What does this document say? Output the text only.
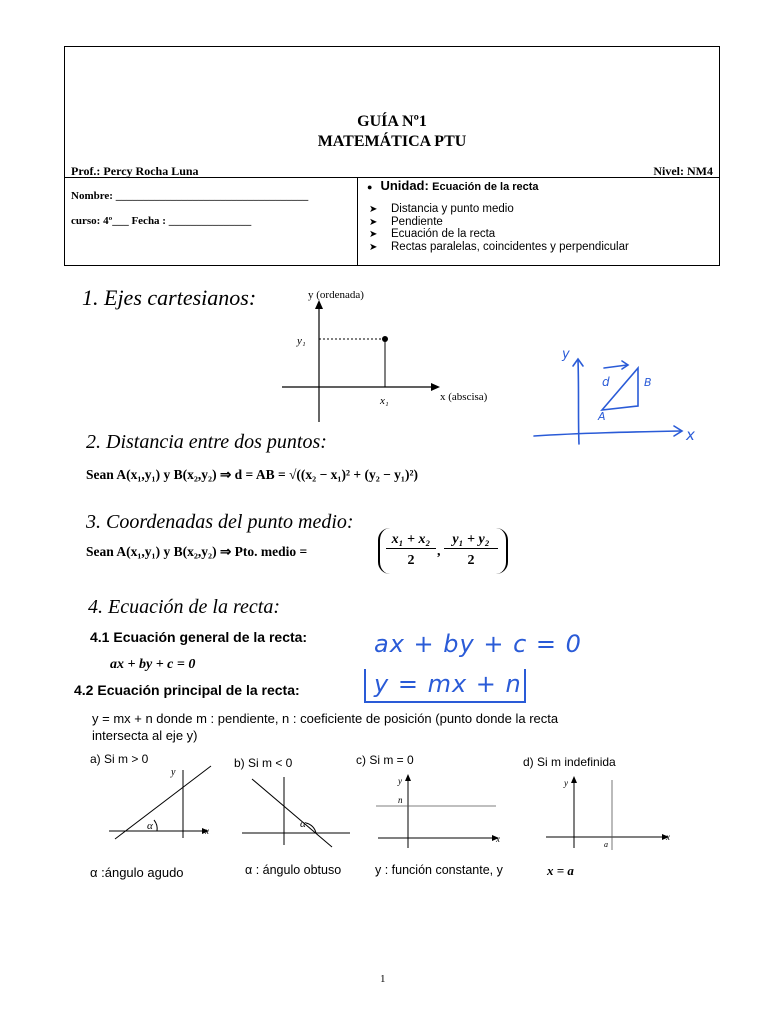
GUÍA Nº1
MATEMÁTICA PTU
Prof.: Percy Rocha Luna	Nivel: NM4
Nombre: ___________________________________
curso: 4º___ Fecha : _______________
● Unidad: Ecuación de la recta
➤ Distancia y punto medio
➤ Pendiente
➤ Ecuación de la recta
➤ Rectas paralelas, coincidentes y perpendicular
1. Ejes cartesianos:	y (ordenada)
y₁
x₁	x (abscisa)
y
x
A
B
d
2. Distancia entre dos puntos:
Sean A(x₁,y₁) y B(x₂,y₂) ⇒ d = AB = √((x₂ − x₁)² + (y₂ − y₁)²)
3. Coordenadas del punto medio:
Sean A(x₁,y₁) y B(x₂,y₂) ⇒ Pto. medio =
x₁ + x₂
2
,
y₁ + y₂
2
4. Ecuación de la recta:
4.1 Ecuación general de la recta:
ax + by + c = 0
4.2 Ecuación principal de la recta:
ax + by + c = 0
y = mx + n
y = mx + n donde m : pendiente, n : coeficiente de posición (punto donde la recta
intersecta al eje y)
a) Si m > 0	b) Si m < 0	c) Si m = 0	d) Si m indefinida
α
y
x
α
n
y
x
a
y
x
α :ángulo agudo	α : ángulo obtuso	y : función constante, y	x = a
1
